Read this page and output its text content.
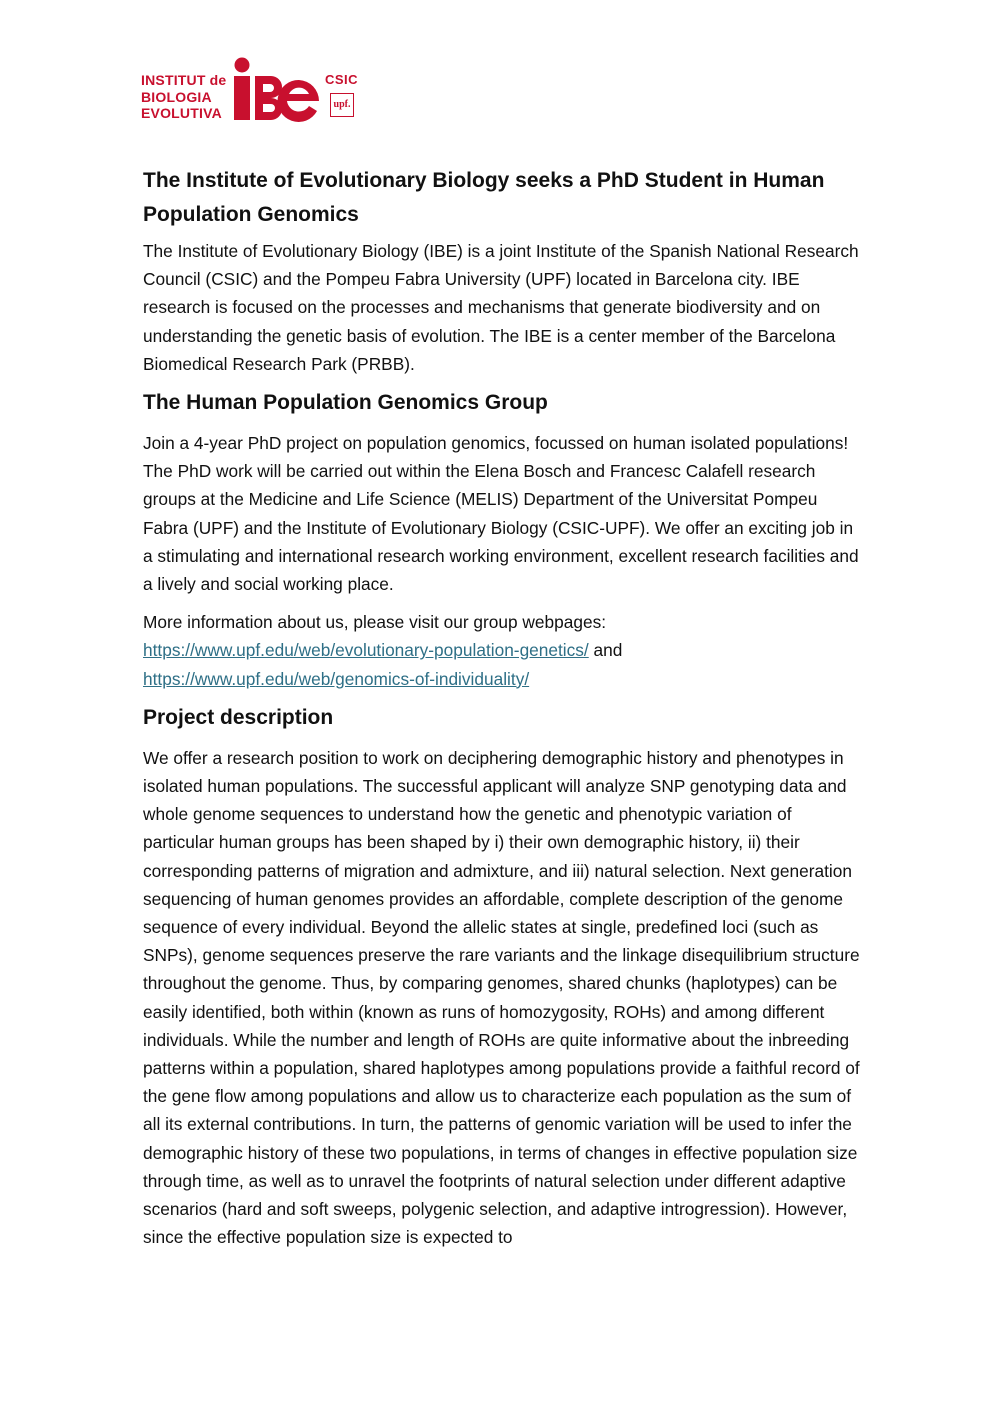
INSTITUT de
BIOLOGIA
EVOLUTIVA
CSIC
upf.
The Institute of Evolutionary Biology seeks a PhD Student in Human Population Genomics

The Institute of Evolutionary Biology (IBE) is a joint Institute of the Spanish National Research Council (CSIC) and the Pompeu Fabra University (UPF) located in Barcelona city. IBE research is focused on the processes and mechanisms that generate biodiversity and on understanding the genetic basis of evolution. The IBE is a center member of the Barcelona Biomedical Research Park (PRBB).

The Human Population Genomics Group

Join a 4-year PhD project on population genomics, focussed on human isolated populations! The PhD work will be carried out within the Elena Bosch and Francesc Calafell research groups at the Medicine and Life Science (MELIS) Department of the Universitat Pompeu Fabra (UPF) and the Institute of Evolutionary Biology (CSIC-UPF). We offer an exciting job in a stimulating and international research working environment, excellent research facilities and a lively and social working place.

More information about us, please visit our group webpages:
https://www.upf.edu/web/evolutionary-population-genetics/ and
https://www.upf.edu/web/genomics-of-individuality/

Project description

We offer a research position to work on deciphering demographic history and phenotypes in isolated human populations. The successful applicant will analyze SNP genotyping data and whole genome sequences to understand how the genetic and phenotypic variation of particular human groups has been shaped by i) their own demographic history, ii) their corresponding patterns of migration and admixture, and iii) natural selection. Next generation sequencing of human genomes provides an affordable, complete description of the genome sequence of every individual. Beyond the allelic states at single, predefined loci (such as SNPs), genome sequences preserve the rare variants and the linkage disequilibrium structure throughout the genome. Thus, by comparing genomes, shared chunks (haplotypes) can be easily identified, both within (known as runs of homozygosity, ROHs) and among different individuals. While the number and length of ROHs are quite informative about the inbreeding patterns within a population, shared haplotypes among populations provide a faithful record of the gene flow among populations and allow us to characterize each population as the sum of all its external contributions. In turn, the patterns of genomic variation will be used to infer the demographic history of these two populations, in terms of changes in effective population size through time, as well as to unravel the footprints of natural selection under different adaptive scenarios (hard and soft sweeps, polygenic selection, and adaptive introgression). However, since the effective population size is expected to
